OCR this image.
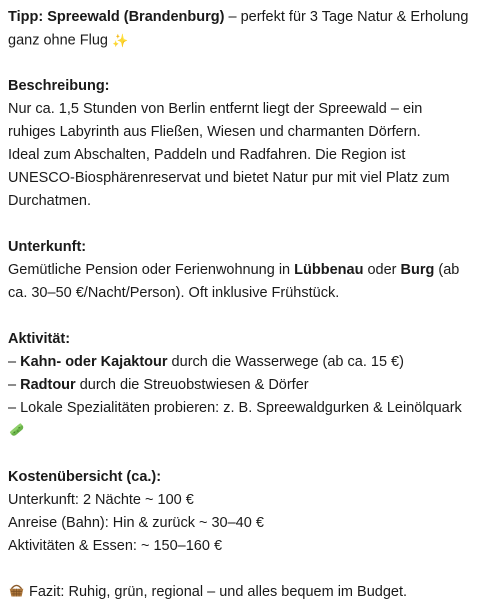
Tipp: Spreewald (Brandenburg) – perfekt für 3 Tage Natur & Erholung
ganz ohne Flug ✨
Beschreibung:
Nur ca. 1,5 Stunden von Berlin entfernt liegt der Spreewald – ein
ruhiges Labyrinth aus Fließen, Wiesen und charmanten Dörfern.
Ideal zum Abschalten, Paddeln und Radfahren. Die Region ist
UNESCO-Biosphärenreservat und bietet Natur pur mit viel Platz zum
Durchatmen.
Unterkunft:
Gemütliche Pension oder Ferienwohnung in Lübbenau oder Burg (ab
ca. 30–50 €/Nacht/Person). Oft inklusive Frühstück.
Aktivität:
– Kahn- oder Kajaktour durch die Wasserwege (ab ca. 15 €)
– Radtour durch die Streuobstwiesen & Dörfer
– Lokale Spezialitäten probieren: z. B. Spreewaldgurken & Leinölquark
Kostenübersicht (ca.):
Unterkunft: 2 Nächte ~ 100 €
Anreise (Bahn): Hin & zurück ~ 30–40 €
Aktivitäten & Essen: ~ 150–160 €
Fazit: Ruhig, grün, regional – und alles bequem im Budget.
